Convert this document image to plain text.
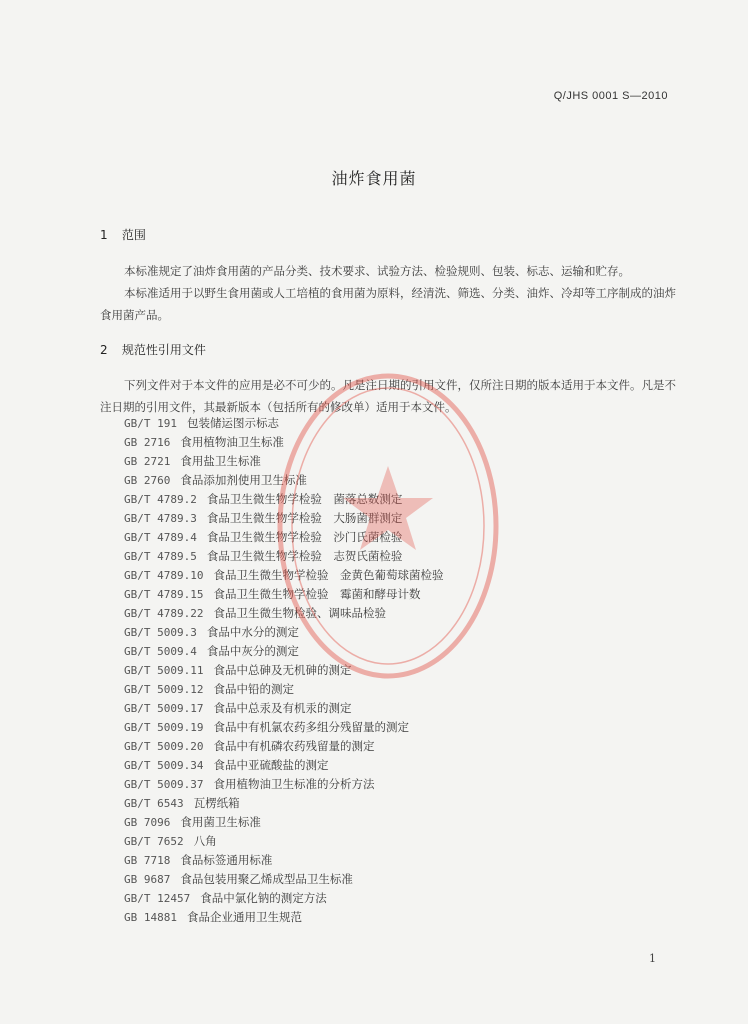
Q/JHS 0001 S—2010
油炸食用菌
1 范围

本标准规定了油炸食用菌的产品分类、技术要求、试验方法、检验规则、包装、标志、运输和贮存。

本标准适用于以野生食用菌或人工培植的食用菌为原料，经清洗、筛选、分类、油炸、冷却等工序制成的油炸食用菌产品。

2 规范性引用文件

下列文件对于本文件的应用是必不可少的。凡是注日期的引用文件，仅所注日期的版本适用于本文件。凡是不注日期的引用文件，其最新版本（包括所有的修改单）适用于本文件。

GB/T 191 包装储运图示标志
GB 2716 食用植物油卫生标准
GB 2721 食用盐卫生标准
GB 2760 食品添加剂使用卫生标准
GB/T 4789.2 食品卫生微生物学检验　菌落总数测定
GB/T 4789.3 食品卫生微生物学检验　大肠菌群测定
GB/T 4789.4 食品卫生微生物学检验　沙门氏菌检验
GB/T 4789.5 食品卫生微生物学检验　志贺氏菌检验
GB/T 4789.10 食品卫生微生物学检验　金黄色葡萄球菌检验
GB/T 4789.15 食品卫生微生物学检验　霉菌和酵母计数
GB/T 4789.22 食品卫生微生物检验、调味品检验
GB/T 5009.3 食品中水分的测定
GB/T 5009.4 食品中灰分的测定
GB/T 5009.11 食品中总砷及无机砷的测定
GB/T 5009.12 食品中铅的测定
GB/T 5009.17 食品中总汞及有机汞的测定
GB/T 5009.19 食品中有机氯农药多组分残留量的测定
GB/T 5009.20 食品中有机磷农药残留量的测定
GB/T 5009.34 食品中亚硫酸盐的测定
GB/T 5009.37 食用植物油卫生标准的分析方法
GB/T 6543 瓦楞纸箱
GB 7096 食用菌卫生标准
GB/T 7652 八角
GB 7718 食品标签通用标准
GB 9687 食品包装用聚乙烯成型品卫生标准
GB/T 12457 食品中氯化钠的测定方法
GB 14881 食品企业通用卫生规范
1
